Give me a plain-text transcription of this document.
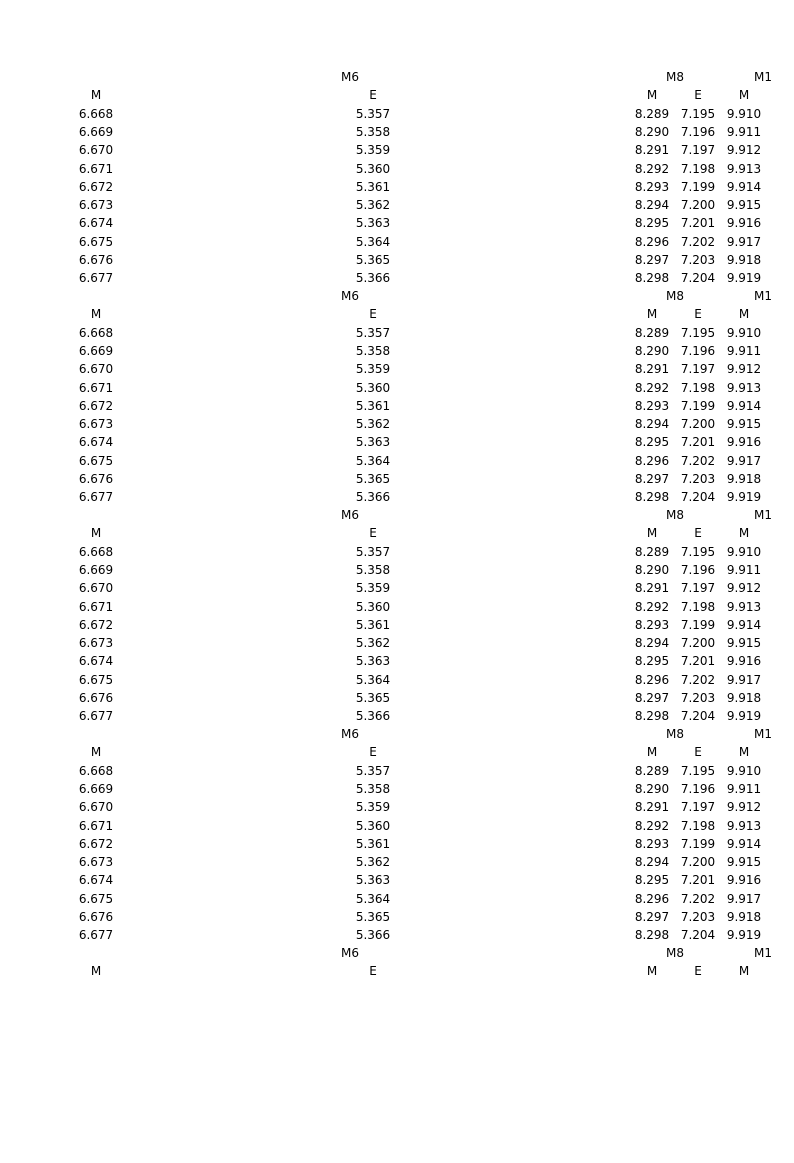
M6	M8	M1
M	E	M	E	M
6.668	5.357	8.289 7.195 9.910
6.669	5.358	8.290 7.196 9.911
6.670	5.359	8.291 7.197 9.912
6.671	5.360	8.292 7.198 9.913
6.672	5.361	8.293 7.199 9.914
6.673	5.362	8.294 7.200 9.915
6.674	5.363	8.295 7.201 9.916
6.675	5.364	8.296 7.202 9.917
6.676	5.365	8.297 7.203 9.918
6.677	5.366	8.298 7.204 9.919
M6	M8	M1
M	E	M	E	M
6.668	5.357	8.289 7.195 9.910
6.669	5.358	8.290 7.196 9.911
6.670	5.359	8.291 7.197 9.912
6.671	5.360	8.292 7.198 9.913
6.672	5.361	8.293 7.199 9.914
6.673	5.362	8.294 7.200 9.915
6.674	5.363	8.295 7.201 9.916
6.675	5.364	8.296 7.202 9.917
6.676	5.365	8.297 7.203 9.918
6.677	5.366	8.298 7.204 9.919
M6	M8	M1
M	E	M	E	M
6.668	5.357	8.289 7.195 9.910
6.669	5.358	8.290 7.196 9.911
6.670	5.359	8.291 7.197 9.912
6.671	5.360	8.292 7.198 9.913
6.672	5.361	8.293 7.199 9.914
6.673	5.362	8.294 7.200 9.915
6.674	5.363	8.295 7.201 9.916
6.675	5.364	8.296 7.202 9.917
6.676	5.365	8.297 7.203 9.918
6.677	5.366	8.298 7.204 9.919
M6	M8	M1
M	E	M	E	M
6.668	5.357	8.289 7.195 9.910
6.669	5.358	8.290 7.196 9.911
6.670	5.359	8.291 7.197 9.912
6.671	5.360	8.292 7.198 9.913
6.672	5.361	8.293 7.199 9.914
6.673	5.362	8.294 7.200 9.915
6.674	5.363	8.295 7.201 9.916
6.675	5.364	8.296 7.202 9.917
6.676	5.365	8.297 7.203 9.918
6.677	5.366	8.298 7.204 9.919
M6	M8	M1
M	E	M	E	M
